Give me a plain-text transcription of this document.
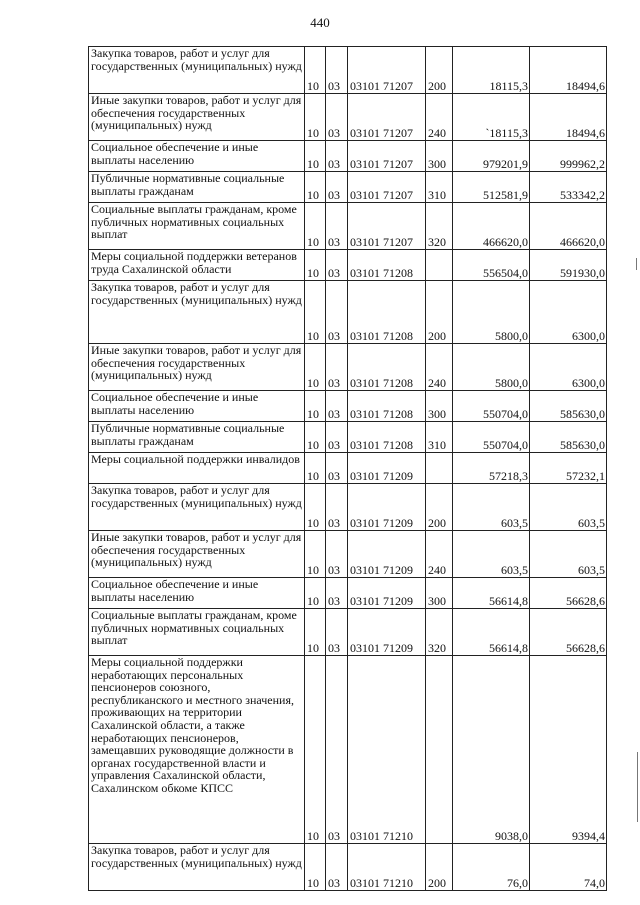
440
Закупка товаров, работ и услуг для государственных (муниципальных) нужд	10	03	03101 71207	200	18115,3	18494,6
Иные закупки товаров, работ и услуг для обеспечения государственных (муниципальных) нужд	10	03	03101 71207	240	`18115,3	18494,6
Социальное обеспечение и иные выплаты населению	10	03	03101 71207	300	979201,9	999962,2
Публичные нормативные социальные выплаты гражданам	10	03	03101 71207	310	512581,9	533342,2
Социальные выплаты гражданам, кроме публичных нормативных социальных выплат	10	03	03101 71207	320	466620,0	466620,0
Меры социальной поддержки ветеранов труда Сахалинской области	10	03	03101 71208		556504,0	591930,0
Закупка товаров, работ и услуг для государственных (муниципальных) нужд	10	03	03101 71208	200	5800,0	6300,0
Иные закупки товаров, работ и услуг для обеспечения государственных (муниципальных) нужд	10	03	03101 71208	240	5800,0	6300,0
Социальное обеспечение и иные выплаты населению	10	03	03101 71208	300	550704,0	585630,0
Публичные нормативные социальные выплаты гражданам	10	03	03101 71208	310	550704,0	585630,0
Меры социальной поддержки инвалидов	10	03	03101 71209		57218,3	57232,1
Закупка товаров, работ и услуг для государственных (муниципальных) нужд	10	03	03101 71209	200	603,5	603,5
Иные закупки товаров, работ и услуг для обеспечения государственных (муниципальных) нужд	10	03	03101 71209	240	603,5	603,5
Социальное обеспечение и иные выплаты населению	10	03	03101 71209	300	56614,8	56628,6
Социальные выплаты гражданам, кроме публичных нормативных социальных выплат	10	03	03101 71209	320	56614,8	56628,6
Меры социальной поддержки неработающих персональных пенсионеров союзного, республиканского и местного значения, проживающих на территории Сахалинской области, а также неработающих пенсионеров, замещавших руководящие должности в органах государственной власти и управления Сахалинской области, Сахалинском обкоме КПСС	10	03	03101 71210		9038,0	9394,4
Закупка товаров, работ и услуг для государственных (муниципальных) нужд	10	03	03101 71210	200	76,0	74,0
